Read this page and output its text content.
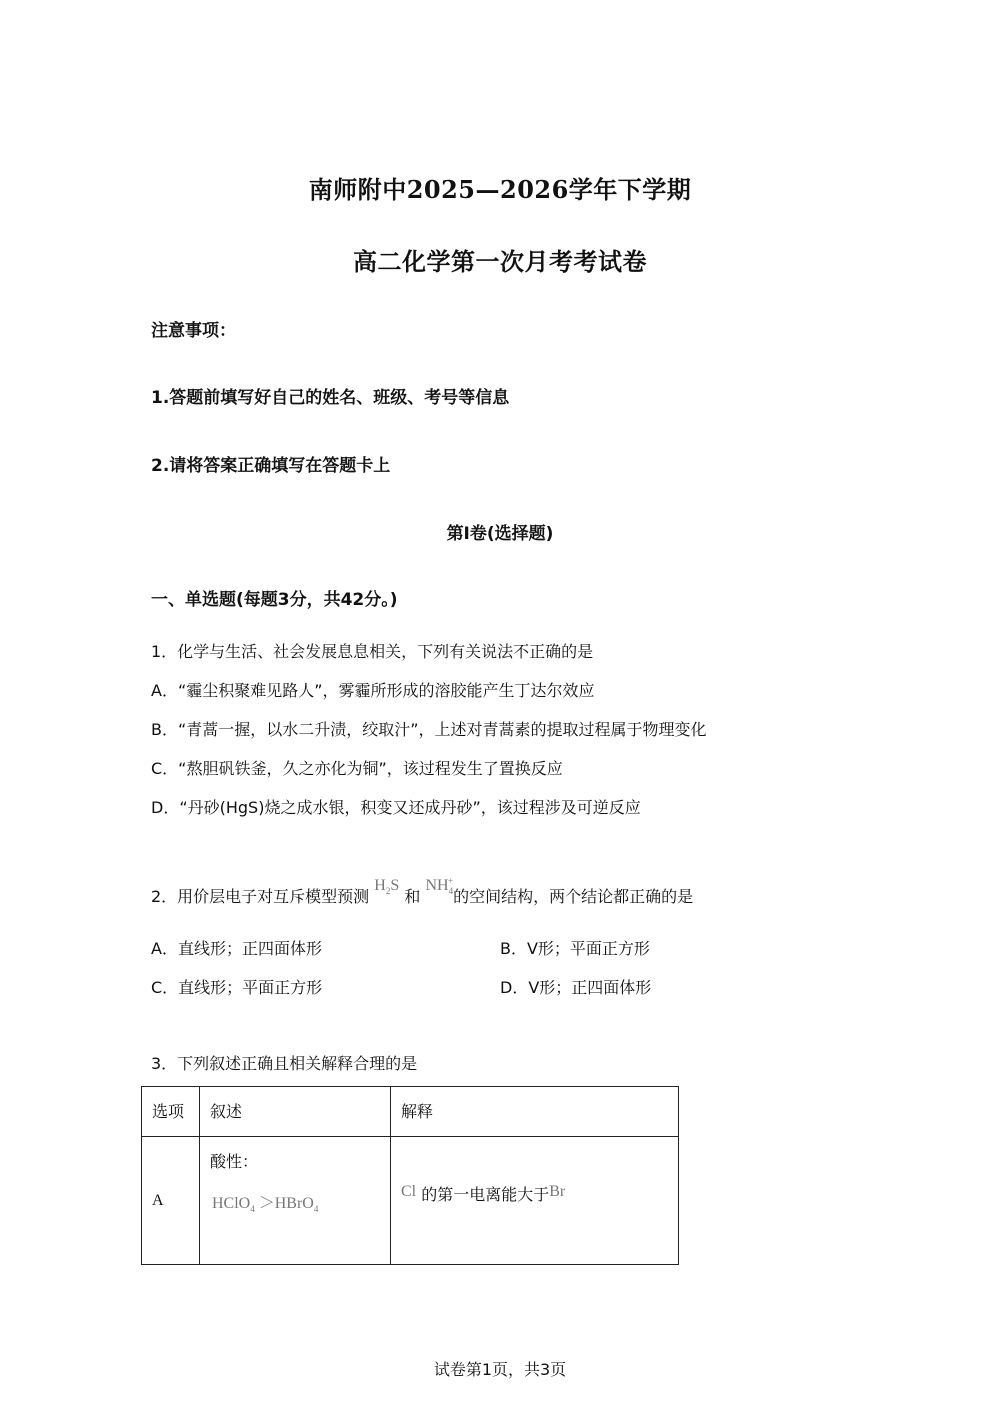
南师附中2025—2026学年下学期
高二化学第一次月考考试卷
注意事项：
1.答题前填写好自己的姓名、班级、考号等信息
2.请将答案正确填写在答题卡上
第I卷(选择题)
一、单选题(每题3分，共42分。)
1．化学与生活、社会发展息息相关，下列有关说法不正确的是
A．“霾尘积聚难见路人”，雾霾所形成的溶胶能产生丁达尔效应
B．“青蒿一握，以水二升渍，绞取汁”，上述对青蒿素的提取过程属于物理变化
C．“熬胆矾铁釜，久之亦化为铜”，该过程发生了置换反应
D．“丹砂(HgS)烧之成水银，积变又还成丹砂”，该过程涉及可逆反应
2．用价层电子对互斥模型预测 $H_2S$ 和 $NH_4^+$的空间结构，两个结论都正确的是
A．直线形；正四面体形	B．V形；平面正方形
C．直线形；平面正方形	D．V形；正四面体形
3．下列叙述正确且相关解释合理的是
选项	叙述	解释

A	酸性：
HClO$_4$ ＞HBrO$_4$	Cl 的第一电离能大于Br
试卷第1页，共3页
